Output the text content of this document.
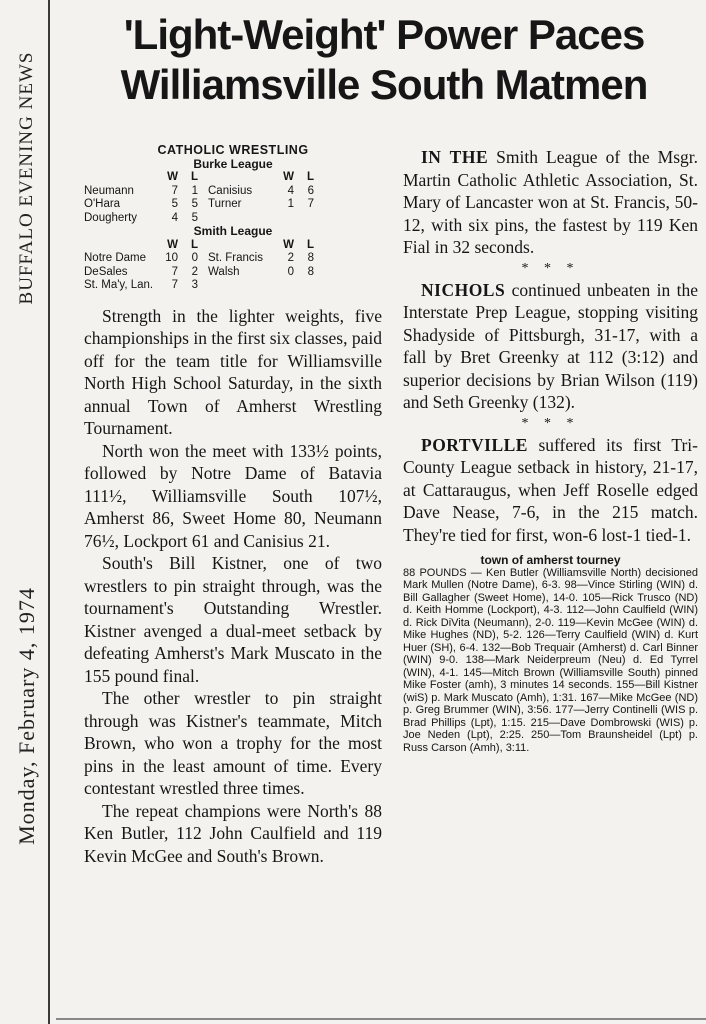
BUFFALO EVENING NEWS
Monday, February 4, 1974
'Light-Weight' Power Paces
Williamsville South Matmen
CATHOLIC WRESTLING
Burke League
W	L	W	L
Neumann	7	1 Canisius	4	6
O'Hara	5	5 Turner	1	7
Dougherty	4	5
Smith League
W	L	W	L
Notre Dame	10	0 St. Francis	2	8
DeSales	7	2 Walsh	0	8
St. Ma'y, Lan.	7	3

Strength in the lighter weights, five championships in the first six classes, paid off for the team title for Williamsville North High School Saturday, in the sixth annual Town of Amherst Wrestling Tournament.

North won the meet with 133½ points, followed by Notre Dame of Batavia 111½, Williamsville South 107½, Amherst 86, Sweet Home 80, Neumann 76½, Lockport 61 and Canisius 21.

South's Bill Kistner, one of two wrestlers to pin straight through, was the tournament's Outstanding Wrestler. Kistner avenged a dual-meet setback by defeating Amherst's Mark Muscato in the 155 pound final.

The other wrestler to pin straight through was Kistner's teammate, Mitch Brown, who won a trophy for the most pins in the least amount of time. Every contestant wrestled three times.

The repeat champions were North's 88 Ken Butler, 112 John Caulfield and 119 Kevin McGee and South's Brown.

IN THE Smith League of the Msgr. Martin Catholic Athletic Association, St. Mary of Lancaster won at St. Francis, 50-12, with six pins, the fastest by 119 Ken Fial in 32 seconds.

* * *

NICHOLS continued unbeaten in the Interstate Prep League, stopping visiting Shadyside of Pittsburgh, 31-17, with a fall by Bret Greenky at 112 (3:12) and superior decisions by Brian Wilson (119) and Seth Greenky (132).

* * *

PORTVILLE suffered its first Tri-County League setback in history, 21-17, at Cattaraugus, when Jeff Roselle edged Dave Nease, 7-6, in the 215 match. They're tied for first, won-6 lost-1 tied-1.

town of amherst tourney
88 POUNDS — Ken Butler (Williamsville North) decisioned Mark Mullen (Notre Dame), 6-3. 98—Vince Stirling (WIN) d. Bill Gallagher (Sweet Home), 14-0. 105—Rick Trusco (ND) d. Keith Homme (Lockport), 4-3. 112—John Caulfield (WIN) d. Rick DiVita (Neumann), 2-0. 119—Kevin McGee (WIN) d. Mike Hughes (ND), 5-2. 126—Terry Caulfield (WIN) d. Kurt Huer (SH), 6-4. 132—Bob Trequair (Amherst) d. Carl Binner (WIN) 9-0. 138—Mark Neiderpreum (Neu) d. Ed Tyrrel (WIN), 4-1. 145—Mitch Brown (Williamsville South) pinned Mike Foster (amh), 3 minutes 14 seconds. 155—Bill Kistner (wiS) p. Mark Muscato (Amh), 1:31. 167—Mike McGee (ND) p. Greg Brummer (WIN), 3:56. 177—Jerry Continelli (WIS p. Brad Phillips (Lpt), 1:15. 215—Dave Dombrowski (WIS) p. Joe Neden (Lpt), 2:25. 250—Tom Braunsheidel (Lpt) p. Russ Carson (Amh), 3:11.
